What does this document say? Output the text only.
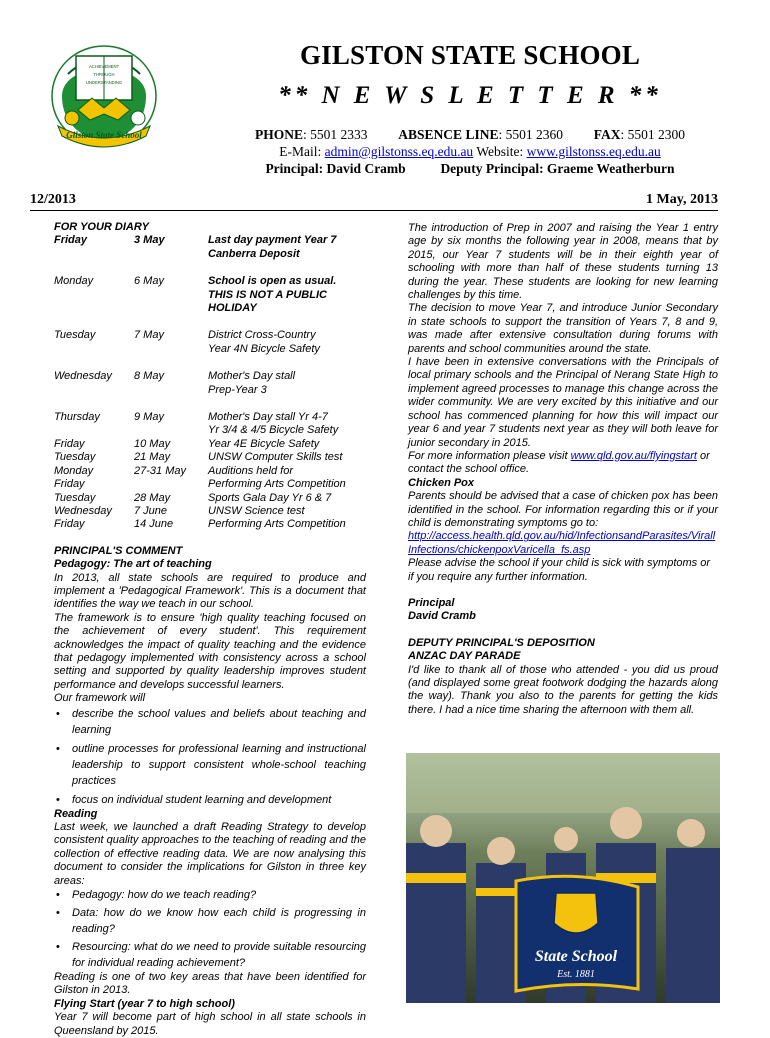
ACHIEVEMENT
THROUGH
UNDERSTANDING
Gilston State School
GILSTON STATE SCHOOL
** N E W S L E T T E R **
PHONE: 5501 2333 ABSENCE LINE: 5501 2360 FAX: 5501 2300
E-Mail: admin@gilstonss.eq.edu.au Website: www.gilstonss.eq.edu.au
Principal: David Cramb	Deputy Principal: Graeme Weatherburn
12/2013	1 May, 2013
FOR YOUR DIARY
Friday	3 May	Last day payment Year 7
Canberra Deposit

Monday	6 May	School is open as usual.
THIS IS NOT A PUBLIC
HOLIDAY

Tuesday	7 May	District Cross-Country
Year 4N Bicycle Safety

Wednesday	8 May	Mother's Day stall
Prep-Year 3

Thursday	9 May	Mother's Day stall Yr 4-7
Yr 3/4 & 4/5 Bicycle Safety

Friday	10 May	Year 4E Bicycle Safety

Tuesday	21 May	UNSW Computer Skills test

Monday	27-31 May	Auditions held for

Friday		Performing Arts Competition

Tuesday	28 May	Sports Gala Day Yr 6 & 7

Wednesday	7 June	UNSW Science test

Friday	14 June	Performing Arts Competition
PRINCIPAL'S COMMENT
Pedagogy: The art of teaching

In 2013, all state schools are required to produce and implement a 'Pedagogical Framework'. This is a document that identifies the way we teach in our school.

The framework is to ensure 'high quality teaching focused on the achievement of every student'. This requirement acknowledges the impact of quality teaching and the evidence that pedagogy implemented with consistency across a school setting and supported by quality leadership improves student performance and develops successful learners.

Our framework will

• describe the school values and beliefs about teaching and learning
• outline processes for professional learning and instructional leadership to support consistent whole-school teaching practices
• focus on individual student learning and development
Reading

Last week, we launched a draft Reading Strategy to develop consistent quality approaches to the teaching of reading and the collection of effective reading data. We are now analysing this document to consider the implications for Gilston in three key areas:

• Pedagogy: how do we teach reading?
• Data: how do we know how each child is progressing in reading?
• Resourcing: what do we need to provide suitable resourcing for individual reading achievement?

Reading is one of two key areas that have been identified for Gilston in 2013.

Flying Start (year 7 to high school)

Year 7 will become part of high school in all state schools in Queensland by 2015.

The introduction of Prep in 2007 and raising the Year 1 entry age by six months the following year in 2008, means that by 2015, our Year 7 students will be in their eighth year of schooling with more than half of these students turning 13 during the year. These students are looking for new learning challenges by this time.

The decision to move Year 7, and introduce Junior Secondary in state schools to support the transition of Years 7, 8 and 9, was made after extensive consultation during forums with parents and school communities around the state.

I have been in extensive conversations with the Principals of local primary schools and the Principal of Nerang State High to implement agreed processes to manage this change across the wider community. We are very excited by this initiative and our school has commenced planning for how this will impact our year 6 and year 7 students next year as they will both leave for junior secondary in 2015.

For more information please visit www.qld.gov.au/flyingstart or contact the school office.

Chicken Pox

Parents should be advised that a case of chicken pox has been identified in the school. For information regarding this or if your child is demonstrating symptoms go to:

http://access.health.qld.gov.au/hid/InfectionsandParasites/VirallInfections/chickenpoxVaricella_fs.asp

Please advise the school if your child is sick with symptoms or if you require any further information.

Principal
David Cramb
DEPUTY PRINCIPAL'S DEPOSITION
ANZAC DAY PARADE

I'd like to thank all of those who attended - you did us proud (and displayed some great footwork dodging the hazards along the way). Thank you also to the parents for getting the kids there. I had a nice time sharing the afternoon with them all.

State School
Est. 1881
